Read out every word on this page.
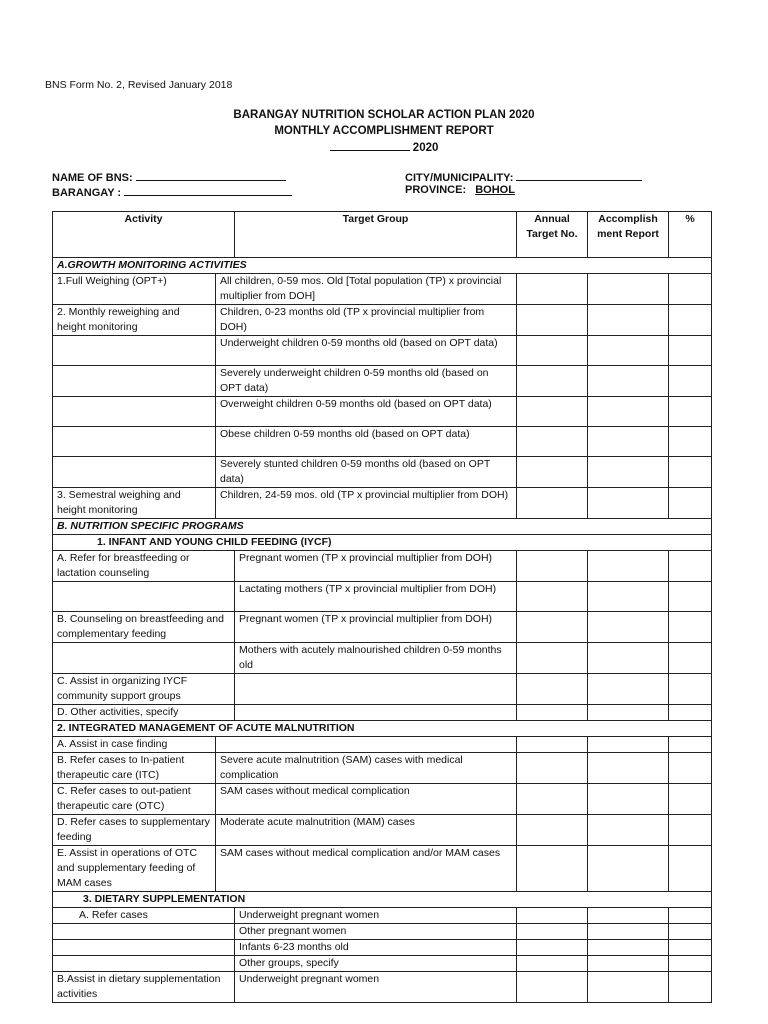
BNS Form No. 2, Revised January 2018
BARANGAY NUTRITION SCHOLAR ACTION PLAN 2020
MONTHLY ACCOMPLISHMENT REPORT
2020
NAME OF BNS:
BARANGAY :
CITY/MUNICIPALITY:
PROVINCE: BOHOL
Activity		Target Group	Annual Target No.	Accomplish ment Report	%
A.GROWTH MONITORING ACTIVITIES					
1.Full Weighing (OPT+)	All children, 0-59 mos. Old [Total population (TP) x provincial multiplier from DOH]				
2. Monthly reweighing and height monitoring	Children, 0-23 months old (TP x provincial multiplier from DOH)				
	Underweight children 0-59 months old (based on OPT data)				
	Severely underweight children 0-59 months old (based on OPT data)				
	Overweight children 0-59 months old (based on OPT data)				
	Obese children 0-59 months old (based on OPT data)				
	Severely stunted children 0-59 months old (based on OPT data)				
3. Semestral weighing and height monitoring	Children, 24-59 mos. old (TP x provincial multiplier from DOH)				
B. NUTRITION SPECIFIC PROGRAMS					
1. INFANT AND YOUNG CHILD FEEDING (IYCF)					
A. Refer for breastfeeding or lactation counseling		Pregnant women (TP x provincial multiplier from DOH)			
		Lactating mothers (TP x provincial multiplier from DOH)			
B. Counseling on breastfeeding and complementary feeding		Pregnant women (TP x provincial multiplier from DOH)			
		Mothers with acutely malnourished children 0-59 months old			
C. Assist in organizing IYCF community support groups					
D. Other activities, specify					
2. INTEGRATED MANAGEMENT OF ACUTE MALNUTRITION					
A. Assist in case finding					
B. Refer cases to In-patient therapeutic care (ITC)	Severe acute malnutrition (SAM) cases with medical complication				
C. Refer cases to out-patient therapeutic care (OTC)	SAM cases without medical complication				
D. Refer cases to supplementary feeding	Moderate acute malnutrition (MAM) cases				
E. Assist in operations of OTC and supplementary feeding of MAM cases	SAM cases without medical complication and/or MAM cases				
3. DIETARY SUPPLEMENTATION					
A. Refer cases		Underweight pregnant women			
		Other pregnant women			
		Infants 6-23 months old			
		Other groups, specify			
B.Assist in dietary supplementation activities		Underweight pregnant women			
